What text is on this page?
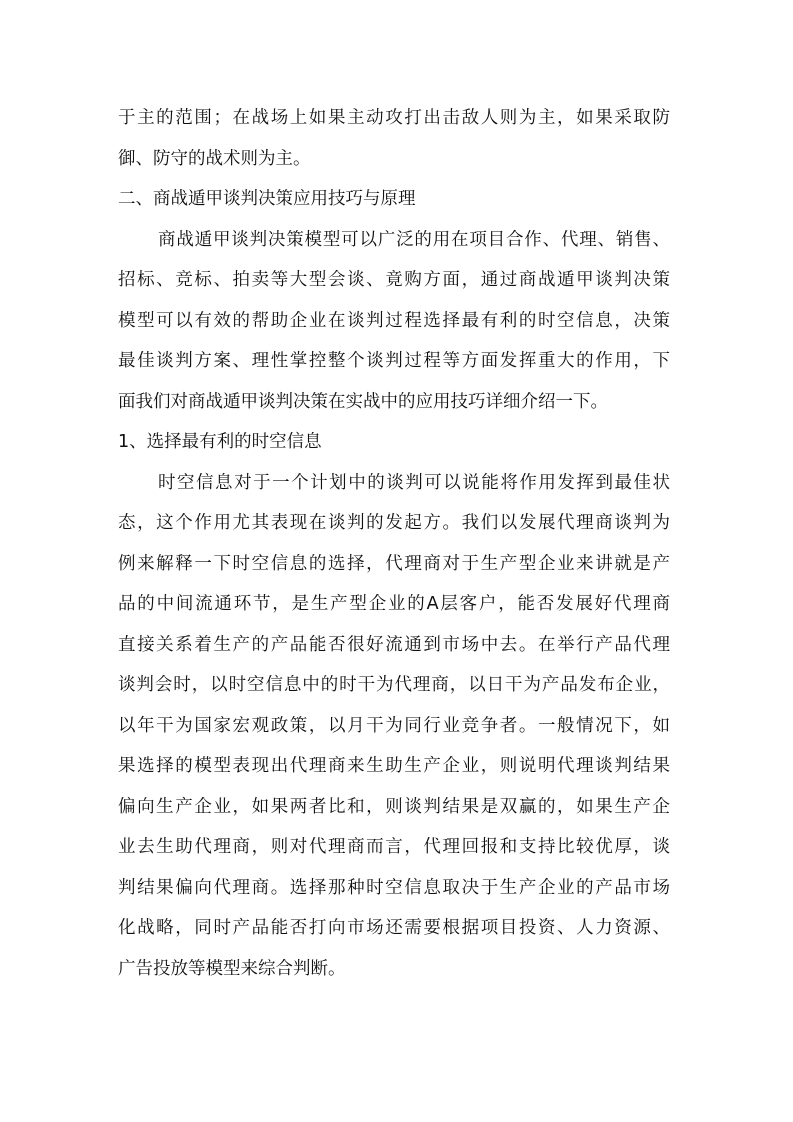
于主的范围；在战场上如果主动攻打出击敌人则为主，如果采取防
御、防守的战术则为主。
二、商战遁甲谈判决策应用技巧与原理
商战遁甲谈判决策模型可以广泛的用在项目合作、代理、销售、
招标、竞标、拍卖等大型会谈、竟购方面，通过商战遁甲谈判决策
模型可以有效的帮助企业在谈判过程选择最有利的时空信息，决策
最佳谈判方案、理性掌控整个谈判过程等方面发挥重大的作用，下
面我们对商战遁甲谈判决策在实战中的应用技巧详细介绍一下。
1、选择最有利的时空信息
时空信息对于一个计划中的谈判可以说能将作用发挥到最佳状
态，这个作用尤其表现在谈判的发起方。我们以发展代理商谈判为
例来解释一下时空信息的选择，代理商对于生产型企业来讲就是产
品的中间流通环节，是生产型企业的A层客户，能否发展好代理商
直接关系着生产的产品能否很好流通到市场中去。在举行产品代理
谈判会时，以时空信息中的时干为代理商，以日干为产品发布企业，
以年干为国家宏观政策，以月干为同行业竞争者。一般情况下，如
果选择的模型表现出代理商来生助生产企业，则说明代理谈判结果
偏向生产企业，如果两者比和，则谈判结果是双赢的，如果生产企
业去生助代理商，则对代理商而言，代理回报和支持比较优厚，谈
判结果偏向代理商。选择那种时空信息取决于生产企业的产品市场
化战略，同时产品能否打向市场还需要根据项目投资、人力资源、
广告投放等模型来综合判断。
